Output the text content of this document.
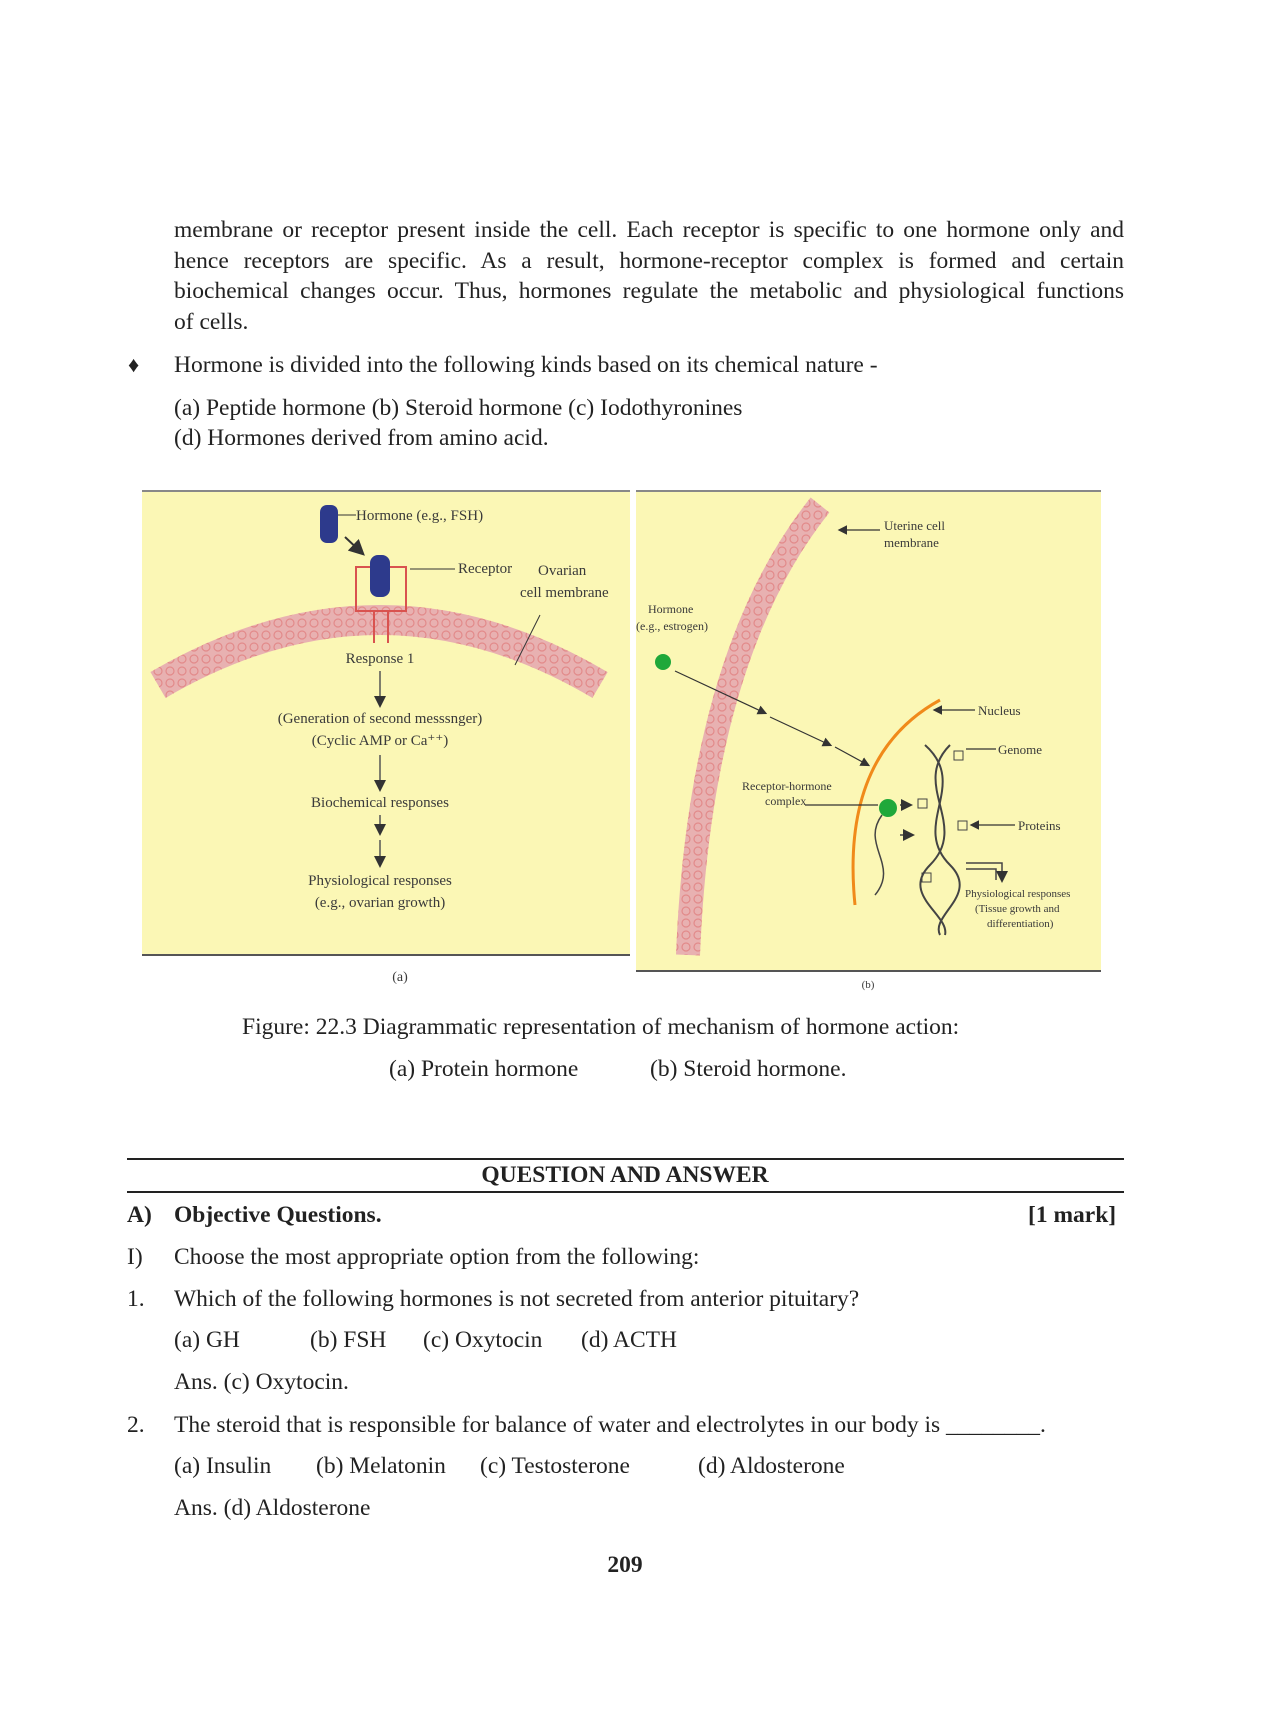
membrane or receptor present inside the cell. Each receptor is specific to one hormone only and
hence receptors are specific. As a result, hormone-receptor complex is formed and certain
biochemical changes occur. Thus, hormones regulate the metabolic and physiological functions
of cells.
♦ Hormone is divided into the following kinds based on its chemical nature -
(a) Peptide hormone (b) Steroid hormone (c) Iodothyronines
(d) Hormones derived from amino acid.
Hormone (e.g., FSH)
Receptor Ovarian
cell membrane
Response 1
(Generation of second messsnger)
(Cyclic AMP or Ca⁺⁺)
Biochemical responses
Physiological responses
(e.g., ovarian growth)
(a)
Uterine cell
membrane
Hormone
(e.g., estrogen)
Nucleus
Genome
Proteins
Receptor-hormone
complex
Physiological responses
(Tissue growth and
differentiation)
(b)
Figure: 22.3 Diagrammatic representation of mechanism of hormone action:
(a) Protein hormone	(b) Steroid hormone.
QUESTION AND ANSWER
A) Objective Questions.	[1 mark]
I) Choose the most appropriate option from the following:
1. Which of the following hormones is not secreted from anterior pituitary?
(a) GH	(b) FSH (c) Oxytocin (d) ACTH
Ans. (c) Oxytocin.
2. The steroid that is responsible for balance of water and electrolytes in our body is ________.
(a) Insulin (b) Melatonin (c) Testosterone	(d) Aldosterone
Ans. (d) Aldosterone
209
